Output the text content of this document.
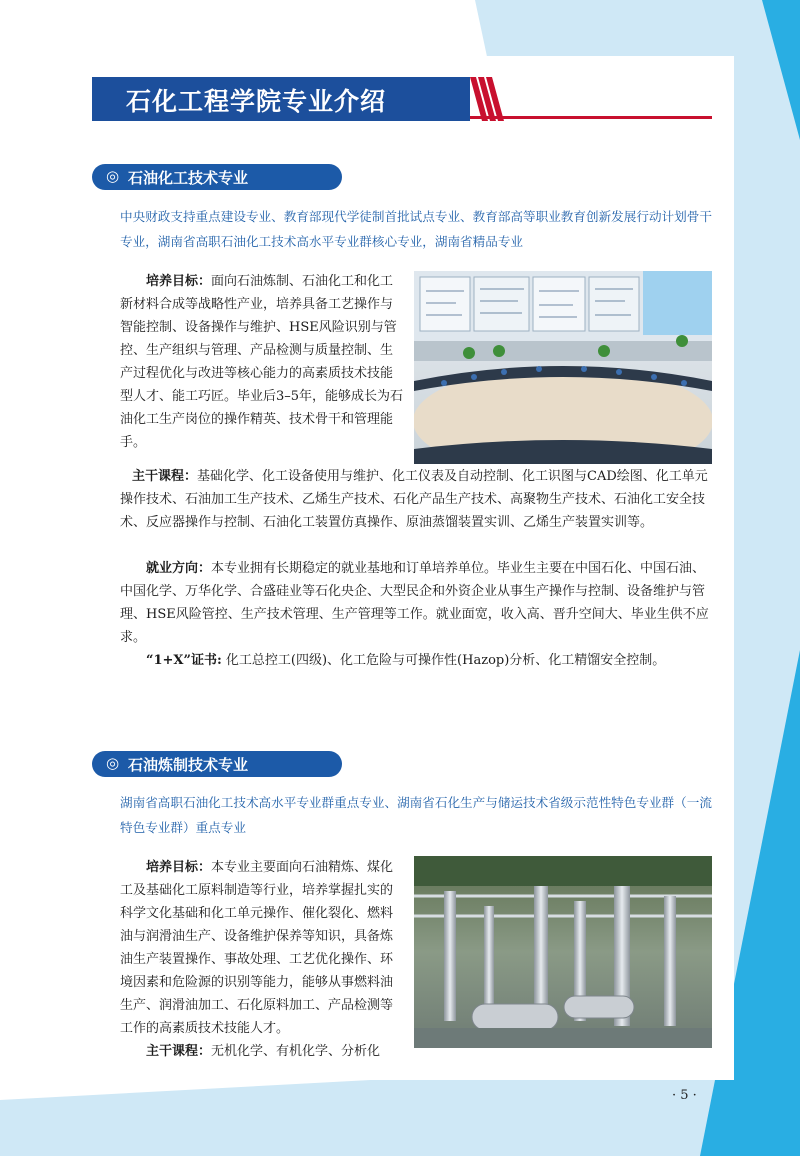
石化工程学院专业介绍
◎ 石油化工技术专业
中央财政支持重点建设专业、教育部现代学徒制首批试点专业、教育部高等职业教育创新发展行动计划骨干专业，湖南省高职石油化工技术高水平专业群核心专业，湖南省精品专业

培养目标：面向石油炼制、石油化工和化工新材料合成等战略性产业，培养具备工艺操作与智能控制、设备操作与维护、HSE风险识别与管控、生产组织与管理、产品检测与质量控制、生产过程优化与改进等核心能力的高素质技术技能型人才、能工巧匠。毕业后3–5年，能够成长为石油化工生产岗位的操作精英、技术骨干和管理能手。

主干课程：基础化学、化工设备使用与维护、化工仪表及自动控制、化工识图与CAD绘图、化工单元操作技术、石油加工生产技术、乙烯生产技术、石化产品生产技术、高聚物生产技术、石油化工安全技术、反应器操作与控制、石油化工装置仿真操作、原油蒸馏装置实训、乙烯生产装置实训等。

就业方向：本专业拥有长期稳定的就业基地和订单培养单位。毕业生主要在中国石化、中国石油、中国化学、万华化学、合盛硅业等石化央企、大型民企和外资企业从事生产操作与控制、设备维护与管理、HSE风险管控、生产技术管理、生产管理等工作。就业面宽，收入高、晋升空间大、毕业生供不应求。

“1+X”证书: 化工总控工(四级)、化工危险与可操作性(Hazop)分析、化工精馏安全控制。

◎ 石油炼制技术专业
湖南省高职石油化工技术高水平专业群重点专业、湖南省石化生产与储运技术省级示范性特色专业群（一流特色专业群）重点专业

培养目标：本专业主要面向石油精炼、煤化工及基础化工原料制造等行业，培养掌握扎实的科学文化基础和化工单元操作、催化裂化、燃料油与润滑油生产、设备维护保养等知识，具备炼油生产装置操作、事故处理、工艺优化操作、环境因素和危险源的识别等能力，能够从事燃料油生产、润滑油加工、石化原料加工、产品检测等工作的高素质技术技能人才。

主干课程：无机化学、有机化学、分析化

· 5 ·
